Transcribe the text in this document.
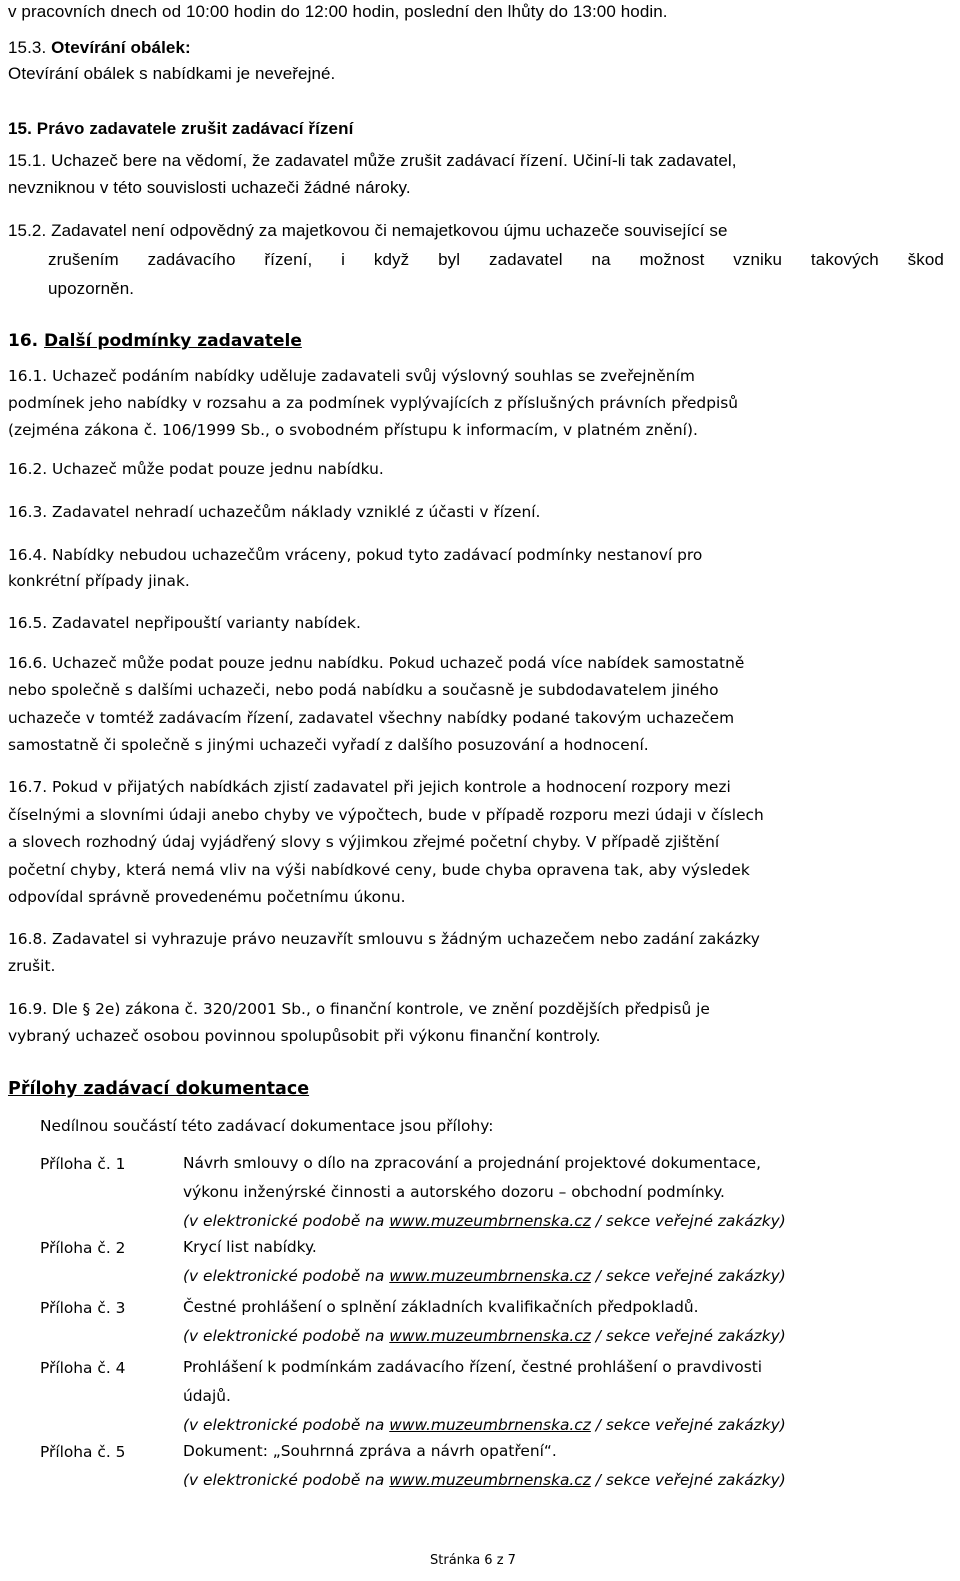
v pracovních dnech od 10:00 hodin do 12:00 hodin, poslední den lhůty do 13:00 hodin.
15.3. Otevírání obálek:
Otevírání obálek s nabídkami je neveřejné.
15. Právo zadavatele zrušit zadávací řízení
15.1. Uchazeč bere na vědomí, že zadavatel může zrušit zadávací řízení. Učiní-li tak zadavatel,
nevzniknou v této souvislosti uchazeči žádné nároky.
15.2. Zadavatel není odpovědný za majetkovou či nemajetkovou újmu uchazeče související se
zrušením zadávacího řízení, i když byl zadavatel na možnost vzniku takových škod
upozorněn.
16. Další podmínky zadavatele
16.1. Uchazeč podáním nabídky uděluje zadavateli svůj výslovný souhlas se zveřejněním
podmínek jeho nabídky v rozsahu a za podmínek vyplývajících z příslušných právních předpisů
(zejména zákona č. 106/1999 Sb., o svobodném přístupu k informacím, v platném znění).
16.2. Uchazeč může podat pouze jednu nabídku.
16.3. Zadavatel nehradí uchazečům náklady vzniklé z účasti v řízení.
16.4. Nabídky nebudou uchazečům vráceny, pokud tyto zadávací podmínky nestanoví pro
konkrétní případy jinak.
16.5. Zadavatel nepřipouští varianty nabídek.
16.6. Uchazeč může podat pouze jednu nabídku. Pokud uchazeč podá více nabídek samostatně
nebo společně s dalšími uchazeči, nebo podá nabídku a současně je subdodavatelem jiného
uchazeče v tomtéž zadávacím řízení, zadavatel všechny nabídky podané takovým uchazečem
samostatně či společně s jinými uchazeči vyřadí z dalšího posuzování a hodnocení.
16.7. Pokud v přijatých nabídkách zjistí zadavatel při jejich kontrole a hodnocení rozpory mezi
číselnými a slovními údaji anebo chyby ve výpočtech, bude v případě rozporu mezi údaji v číslech
a slovech rozhodný údaj vyjádřený slovy s výjimkou zřejmé početní chyby. V případě zjištění
početní chyby, která nemá vliv na výši nabídkové ceny, bude chyba opravena tak, aby výsledek
odpovídal správně provedenému početnímu úkonu.
16.8. Zadavatel si vyhrazuje právo neuzavřít smlouvu s žádným uchazečem nebo zadání zakázky
zrušit.
16.9. Dle § 2e) zákona č. 320/2001 Sb., o finanční kontrole, ve znění pozdějších předpisů je
vybraný uchazeč osobou povinnou spolupůsobit při výkonu finanční kontroly.
Přílohy zadávací dokumentace
Nedílnou součástí této zadávací dokumentace jsou přílohy:
Příloha č. 1	Návrh smlouvy o dílo na zpracování a projednání projektové dokumentace,
výkonu inženýrské činnosti a autorského dozoru – obchodní podmínky.
(v elektronické podobě na www.muzeumbrnenska.cz / sekce veřejné zakázky)
Příloha č. 2	Krycí list nabídky.
(v elektronické podobě na www.muzeumbrnenska.cz / sekce veřejné zakázky)
Příloha č. 3	Čestné prohlášení o splnění základních kvalifikačních předpokladů.
(v elektronické podobě na www.muzeumbrnenska.cz / sekce veřejné zakázky)
Příloha č. 4	Prohlášení k podmínkám zadávacího řízení, čestné prohlášení o pravdivosti
údajů.
(v elektronické podobě na www.muzeumbrnenska.cz / sekce veřejné zakázky)
Příloha č. 5	Dokument: „Souhrnná zpráva a návrh opatření“.
(v elektronické podobě na www.muzeumbrnenska.cz / sekce veřejné zakázky)
Stránka 6 z 7
